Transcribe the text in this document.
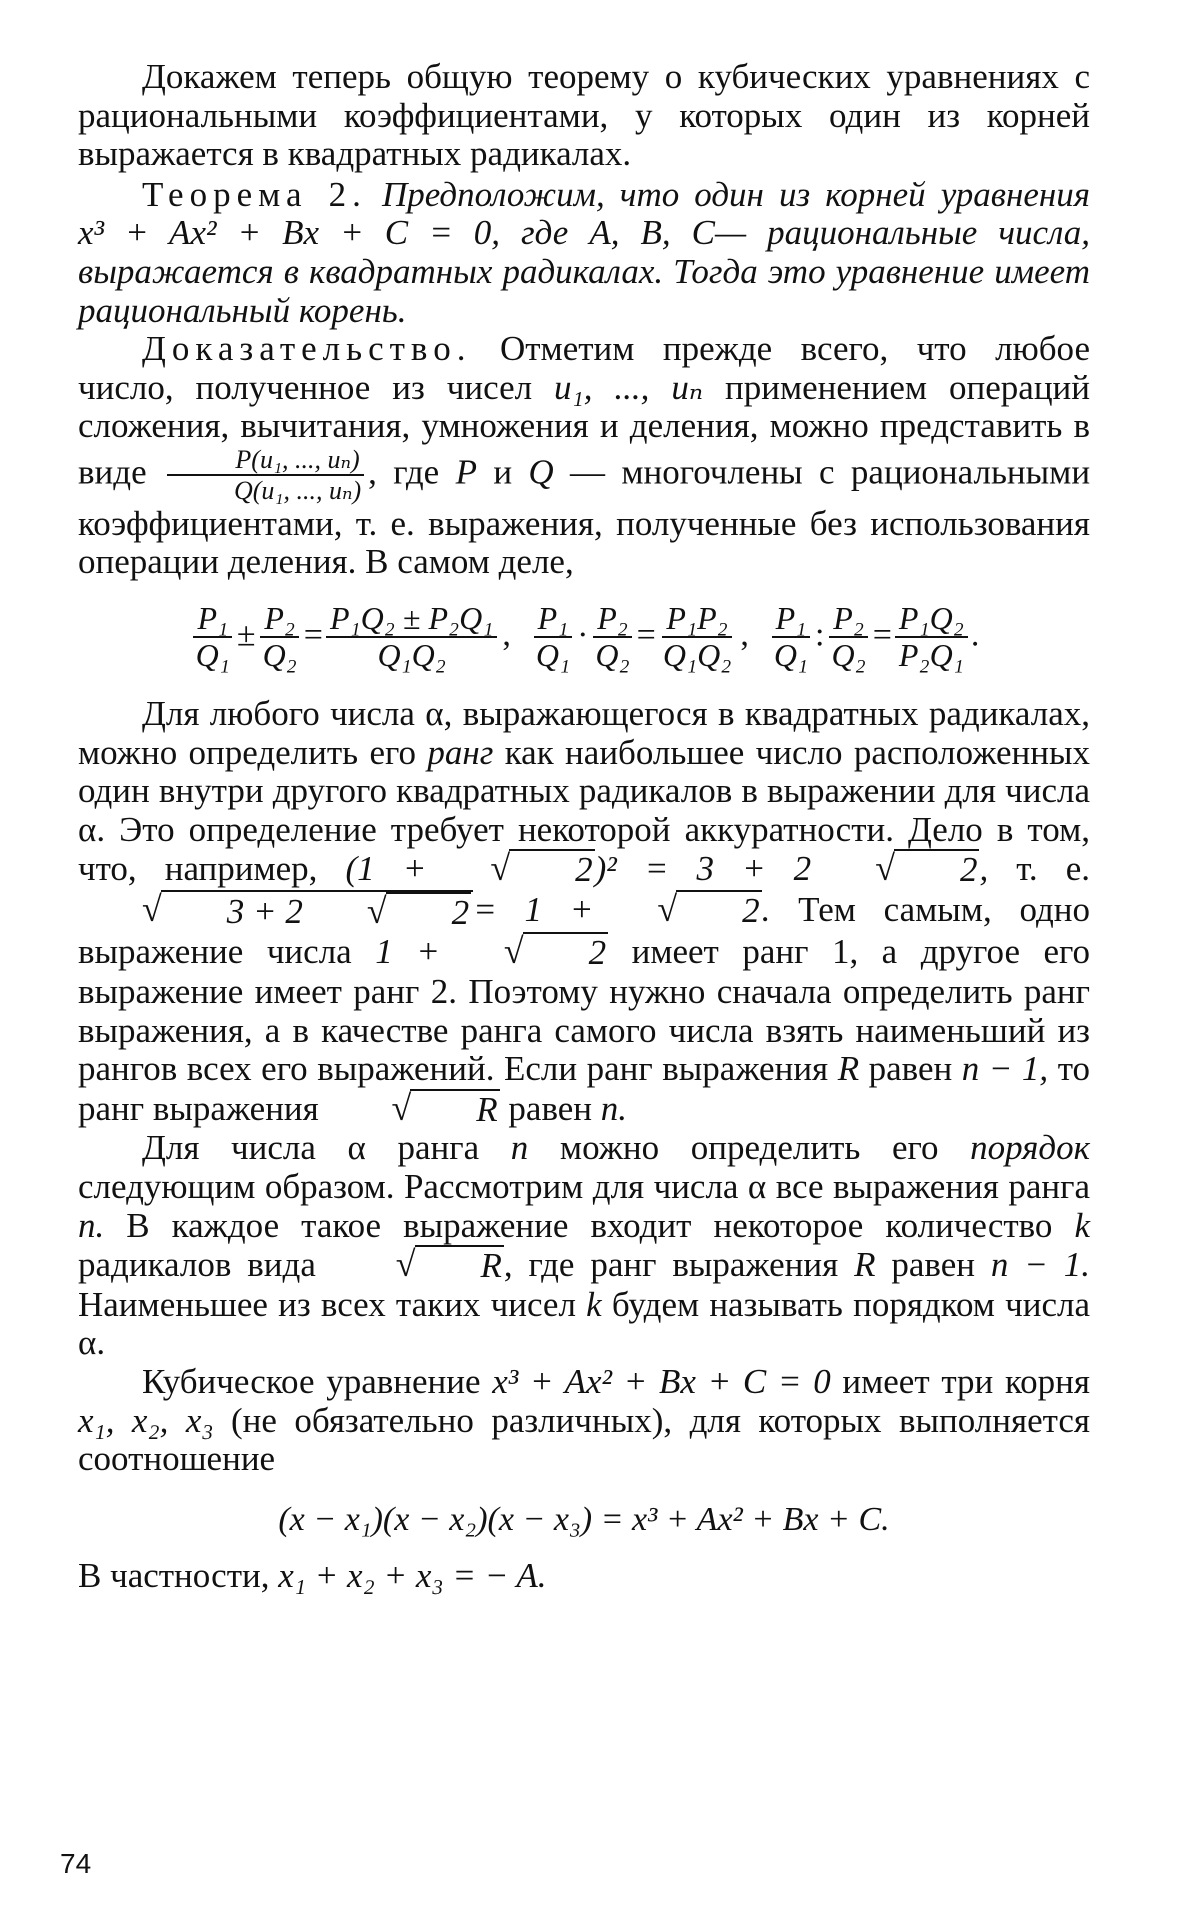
Докажем теперь общую теорему о кубических уравнениях с рациональными коэффициентами, у которых один из корней выражается в квадратных радикалах.

Теорема 2. Предположим, что один из корней уравнения x³ + Ax² + Bx + C = 0, где A, B, C— рациональные числа, выражается в квадратных радикалах. Тогда это уравнение имеет рациональный корень.

Доказательство. Отметим прежде всего, что любое число, полученное из чисел u₁, ..., uₙ применением операций сложения, вычитания, умножения и деления, можно представить в виде $\frac{\text{P(u₁, ..., uₙ)}}{\text{Q(u₁, ..., uₙ)}}$ , где P и Q — многочлены с рациональными коэффициентами, т. е. выражения, полученные без использования операции деления. В самом деле,

$\frac{\text{P₁}}{\text{Q₁}} \pm \frac{\text{P₂}}{\text{Q₂}} = \frac{\text{P₁Q₂ ± P₂Q₁}}{\text{Q₁Q₂}}$ , $\frac{\text{P₁}}{\text{Q₁}} \cdot \frac{\text{P₂}}{\text{Q₂}} = \frac{\text{P₁P₂}}{\text{Q₁Q₂}}$ , $\frac{\text{P₁}}{\text{Q₁}}$ : $\frac{\text{P₂}}{\text{Q₂}} = \frac{\text{P₁Q₂}}{\text{P₂Q₁}}$ .

Для любого числа α, выражающегося в квадратных радикалах, можно определить его ранг как наибольшее число расположенных один внутри другого квадратных радикалов в выражении для числа α. Это определение требует некоторой аккуратности. Дело в том, что, например, (1 +	√	2 )² = 3 + 2	√	2 , т. е.
√	3 + 2	√	2 = 1 +	√	2 . Тем самым, одно выражение числа 1 +	√	2 имеет ранг 1, а другое его выражение имеет ранг 2. Поэтому нужно сначала определить ранг выражения, а в качестве ранга самого числа взять наименьший из рангов всех его выражений. Если ранг выражения R равен n − 1, то ранг выражения	√	R равен n.

Для числа α ранга n можно определить его порядок следующим образом. Рассмотрим для числа α все выражения ранга n. В каждое такое выражение входит некоторое количество k радикалов вида	√	R , где ранг выражения R равен n − 1. Наименьшее из всех таких чисел k будем называть порядком числа α.

Кубическое уравнение x³ + Ax² + Bx + C = 0 имеет три корня x₁, x₂, x₃ (не обязательно различных), для которых выполняется соотношение

(x − x₁)(x − x₂)(x − x₃) = x³ + Ax² + Bx + C.

В частности, x₁ + x₂ + x₃ = − A.

74
